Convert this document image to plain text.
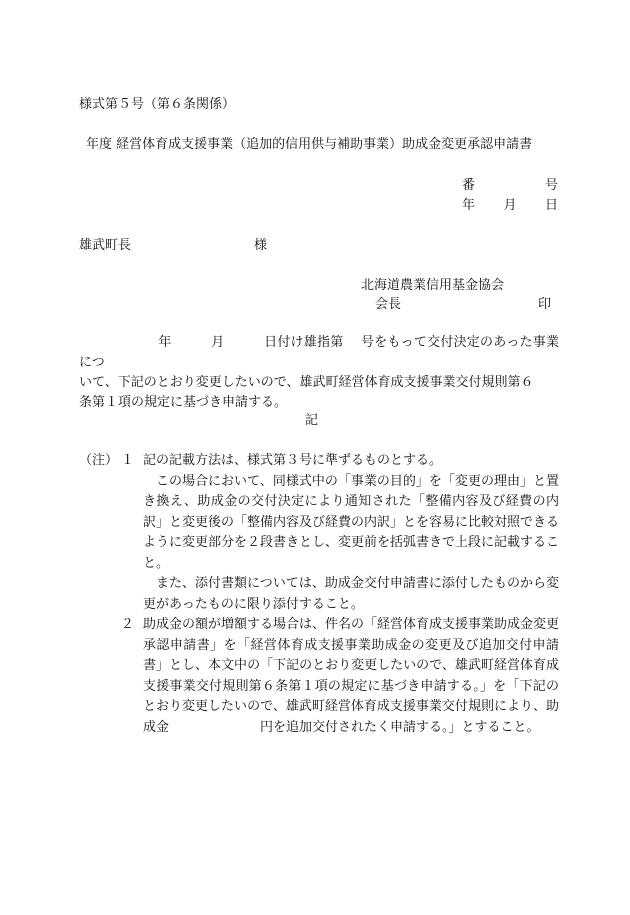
様式第５号（第６条関係）
年度 経営体育成支援事業（追加的信用供与補助事業）助成金変更承認申請書
番	号
年 月 日
雄武町長	様
北海道農業信用基金協会
会長	印

　　　　　　年　　　月　　　日付け雄指第　 号をもって交付決定のあった事業につ

いて、下記のとおり変更したいので、雄武町経営体育成支援事業交付規則第６

条第１項の規定に基づき申請する。

記
（注） １ 記の記載方法は、様式第３号に準ずるものとする。

この場合において、同様式中の「事業の目的」を「変更の理由」と置き換え、助成金の交付決定により通知された「整備内容及び経費の内訳」と変更後の「整備内容及び経費の内訳」とを容易に比較対照できるように変更部分を２段書きとし、変更前を括弧書きで上段に記載すること。

また、添付書類については、助成金交付申請書に添付したものから変更があったものに限り添付すること。

２ 助成金の額が増額する場合は、件名の「経営体育成支援事業助成金変更承認申請書」を「経営体育成支援事業助成金の変更及び追加交付申請書」とし、本文中の「下記のとおり変更したいので、雄武町経営体育成支援事業交付規則第６条第１項の規定に基づき申請する。」を「下記のとおり変更したいので、雄武町経営体育成支援事業交付規則により、助成金　　　　　　　円を追加交付されたく申請する。」とすること。
